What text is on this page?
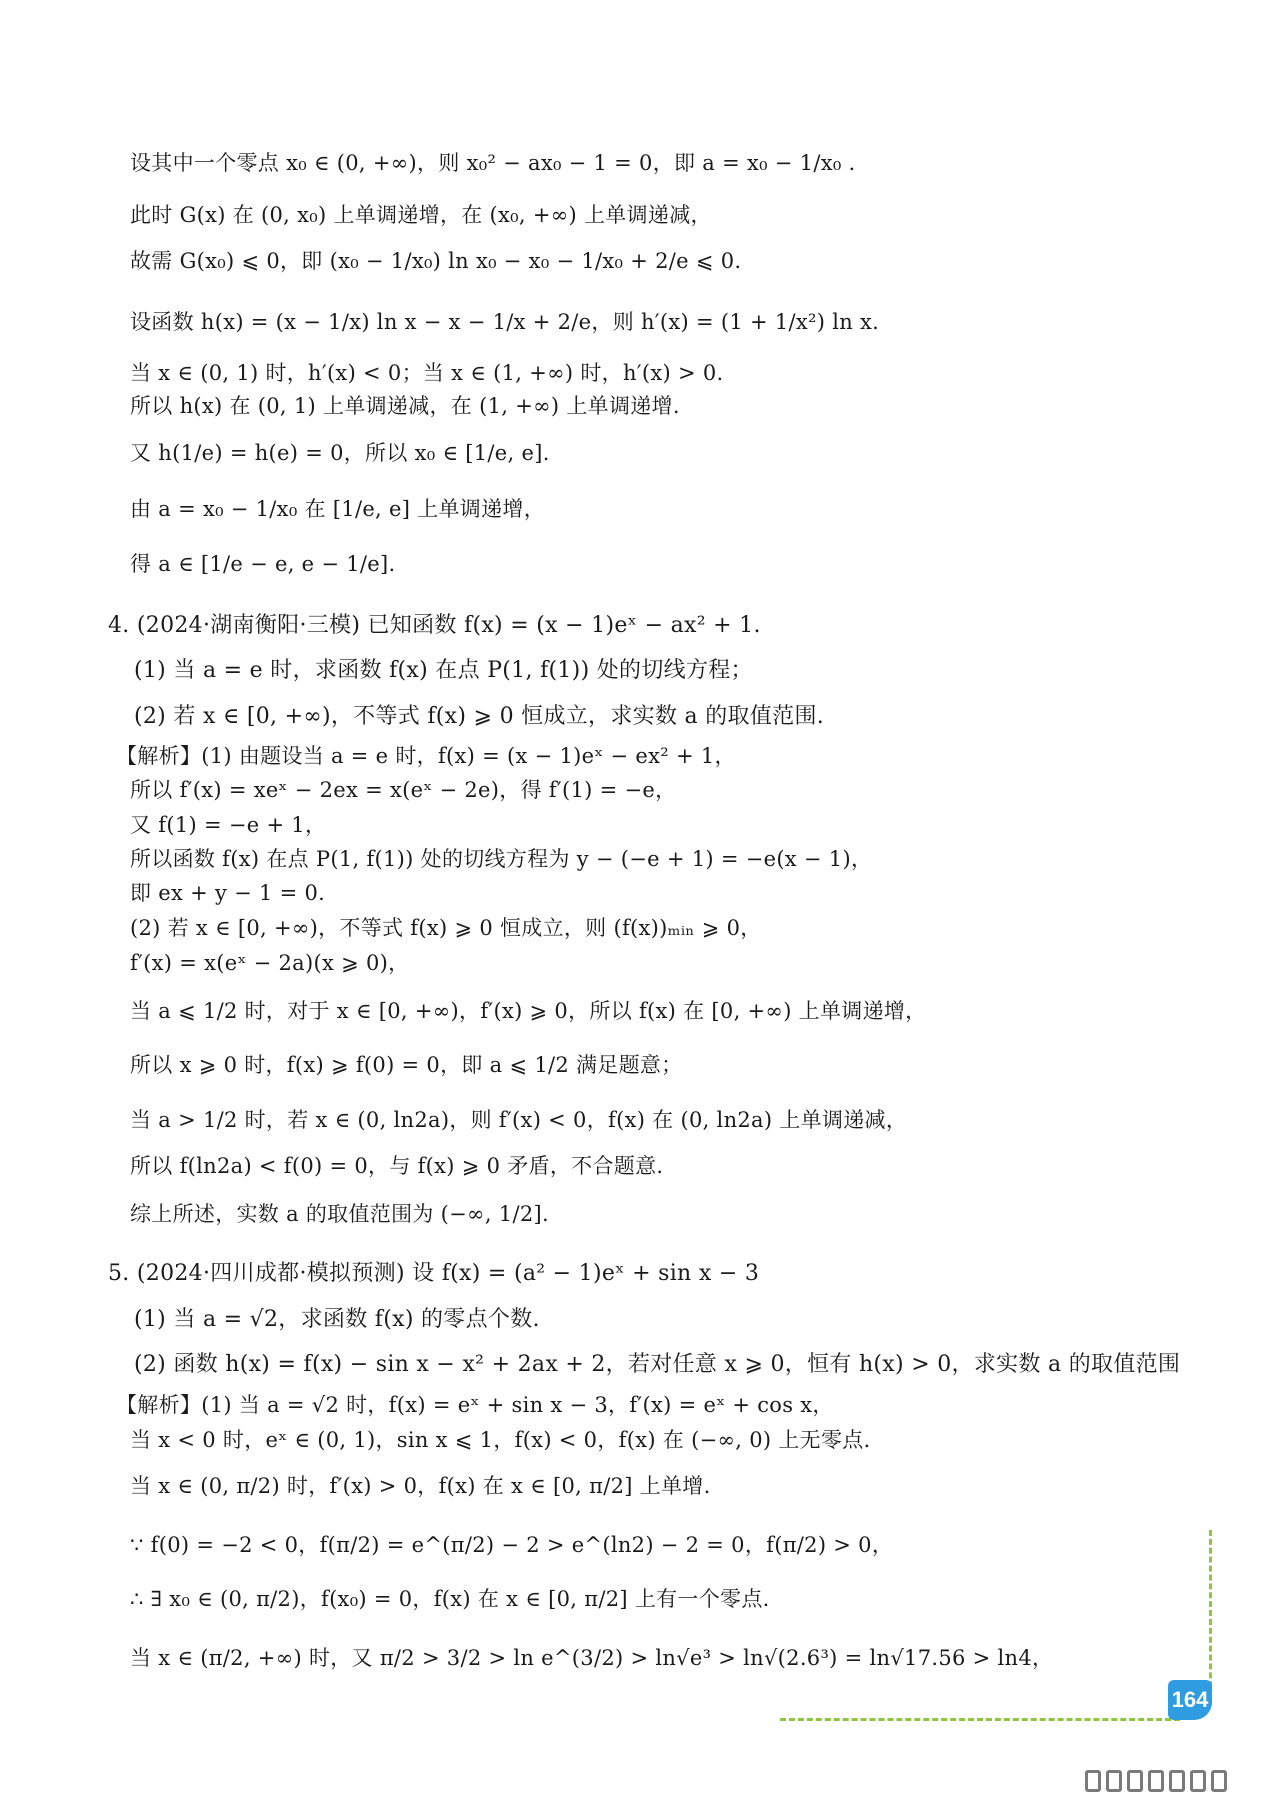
设其中一个零点 x₀ ∈ (0, +∞)，则 x₀² − ax₀ − 1 = 0，即 a = x₀ − 1/x₀ .
此时 G(x) 在 (0, x₀) 上单调递增，在 (x₀, +∞) 上单调递减，
故需 G(x₀) ⩽ 0，即 (x₀ − 1/x₀) ln x₀ − x₀ − 1/x₀ + 2/e ⩽ 0.
设函数 h(x) = (x − 1/x) ln x − x − 1/x + 2/e，则 h′(x) = (1 + 1/x²) ln x.
当 x ∈ (0, 1) 时，h′(x) < 0；当 x ∈ (1, +∞) 时，h′(x) > 0.
所以 h(x) 在 (0, 1) 上单调递减，在 (1, +∞) 上单调递增.
又 h(1/e) = h(e) = 0，所以 x₀ ∈ [1/e, e].
由 a = x₀ − 1/x₀ 在 [1/e, e] 上单调递增，
得 a ∈ [1/e − e, e − 1/e].
4. (2024·湖南衡阳·三模) 已知函数 f(x) = (x − 1)eˣ − ax² + 1.
(1) 当 a = e 时，求函数 f(x) 在点 P(1, f(1)) 处的切线方程；
(2) 若 x ∈ [0, +∞)，不等式 f(x) ⩾ 0 恒成立，求实数 a 的取值范围.
【解析】(1) 由题设当 a = e 时，f(x) = (x − 1)eˣ − ex² + 1，
所以 f′(x) = xeˣ − 2ex = x(eˣ − 2e)，得 f′(1) = −e，
又 f(1) = −e + 1，
所以函数 f(x) 在点 P(1, f(1)) 处的切线方程为 y − (−e + 1) = −e(x − 1)，
即 ex + y − 1 = 0.
(2) 若 x ∈ [0, +∞)，不等式 f(x) ⩾ 0 恒成立，则 (f(x))ₘᵢₙ ⩾ 0，
f′(x) = x(eˣ − 2a)(x ⩾ 0)，
当 a ⩽ 1/2 时，对于 x ∈ [0, +∞)，f′(x) ⩾ 0，所以 f(x) 在 [0, +∞) 上单调递增，
所以 x ⩾ 0 时，f(x) ⩾ f(0) = 0，即 a ⩽ 1/2 满足题意；
当 a > 1/2 时，若 x ∈ (0, ln2a)，则 f′(x) < 0，f(x) 在 (0, ln2a) 上单调递减，
所以 f(ln2a) < f(0) = 0，与 f(x) ⩾ 0 矛盾，不合题意.
综上所述，实数 a 的取值范围为 (−∞, 1/2].
5. (2024·四川成都·模拟预测) 设 f(x) = (a² − 1)eˣ + sin x − 3
(1) 当 a = √2，求函数 f(x) 的零点个数.
(2) 函数 h(x) = f(x) − sin x − x² + 2ax + 2，若对任意 x ⩾ 0，恒有 h(x) > 0，求实数 a 的取值范围
【解析】(1) 当 a = √2 时，f(x) = eˣ + sin x − 3，f′(x) = eˣ + cos x，
当 x < 0 时，eˣ ∈ (0, 1)，sin x ⩽ 1，f(x) < 0，f(x) 在 (−∞, 0) 上无零点.
当 x ∈ (0, π/2) 时，f′(x) > 0，f(x) 在 x ∈ [0, π/2] 上单增.
∵ f(0) = −2 < 0，f(π/2) = e^(π/2) − 2 > e^(ln2) − 2 = 0，f(π/2) > 0，
∴ ∃ x₀ ∈ (0, π/2)，f(x₀) = 0，f(x) 在 x ∈ [0, π/2] 上有一个零点.
当 x ∈ (π/2, +∞) 时，又 π/2 > 3/2 > ln e^(3/2) > ln√e³ > ln√(2.6³) = ln√17.56 > ln4，
164
